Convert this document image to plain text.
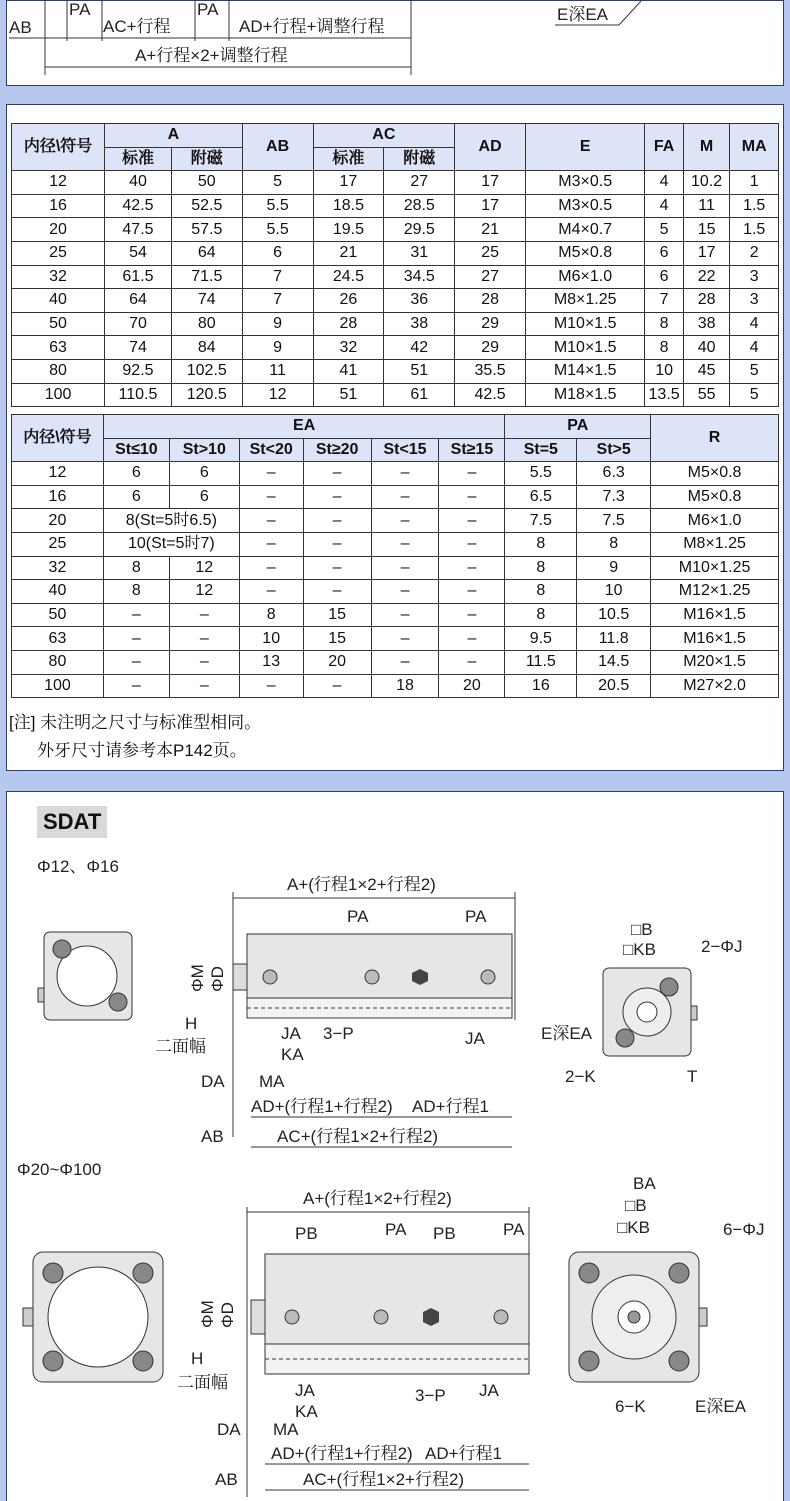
AB
PA
AC+行程
PA
AD+行程+调整行程
A+行程×2+调整行程
E深EA
内径\符号	A		AB	AC		AD	E	FA	M	MA
	标准	附磁		标准	附磁					
12	40	50	5	17	27	17	M3×0.5	4	10.2	1
16	42.5	52.5	5.5	18.5	28.5	17	M3×0.5	4	11	1.5
20	47.5	57.5	5.5	19.5	29.5	21	M4×0.7	5	15	1.5
25	54	64	6	21	31	25	M5×0.8	6	17	2
32	61.5	71.5	7	24.5	34.5	27	M6×1.0	6	22	3
40	64	74	7	26	36	28	M8×1.25	7	28	3
50	70	80	9	28	38	29	M10×1.5	8	38	4
63	74	84	9	32	42	29	M10×1.5	8	40	4
80	92.5	102.5	11	41	51	35.5	M14×1.5	10	45	5
100	110.5	120.5	12	51	61	42.5	M18×1.5	13.5	55	5
内径\符号	EA						PA		R
	St≤10	St>10	St<20	St≥20	St<15	St≥15	St=5	St>5	
12	6	6	–	–	–	–	5.5	6.3	M5×0.8
16	6	6	–	–	–	–	6.5	7.3	M5×0.8
20	8(St=5时6.5)		–	–	–	–	7.5	7.5	M6×1.0
25	10(St=5时7)		–	–	–	–	8	8	M8×1.25
32	8	12	–	–	–	–	8	9	M10×1.25
40	8	12	–	–	–	–	8	10	M12×1.25
50	–	–	8	15	–	–	8	10.5	M16×1.5
63	–	–	10	15	–	–	9.5	11.8	M16×1.5
80	–	–	13	20	–	–	11.5	14.5	M20×1.5
100	–	–	–	–	18	20	16	20.5	M27×2.0
[注] 未注明之尺寸与标准型相同。
外牙尺寸请参考本P142页。
SDAT
Φ12、Φ16
A+(行程1×2+行程2)
PA	PA
ΦM ΦD
H
二面幅
JA 3−P
KA
JA
DA MA
AD+(行程1+行程2) AD+行程1
AB	AC+(行程1×2+行程2)
□B
□KB	2−ΦJ
E深EA
2−K	T
Φ20~Φ100
A+(行程1×2+行程2)
PB	PA PB	PA
ΦM ΦD
H
二面幅	JA
KA
3−P JA
DA MA
AD+(行程1+行程2) AD+行程1
AB	AC+(行程1×2+行程2)
BA
□B
□KB	6−ΦJ
6−K	E深EA
